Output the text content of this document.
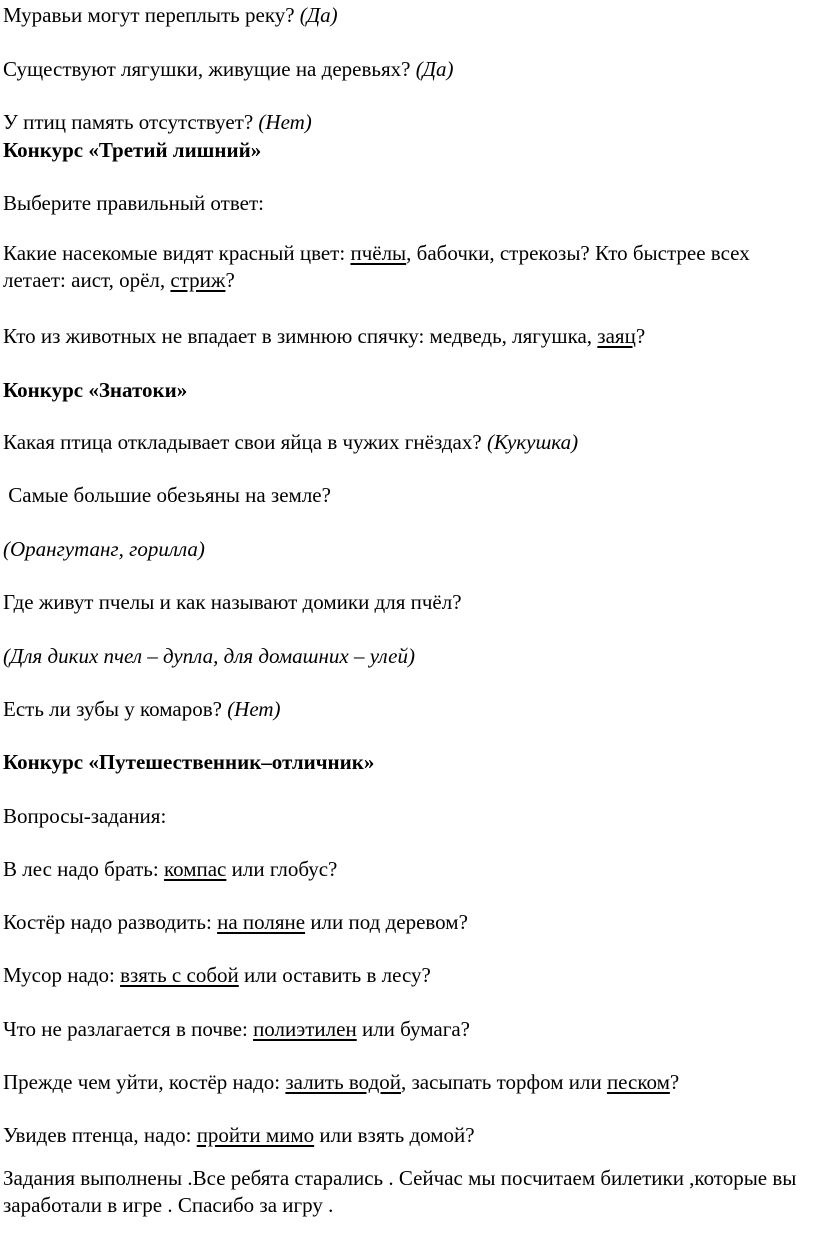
Муравьи могут переплыть реку? (Да)
Существуют лягушки, живущие на деревьях? (Да)
У птиц память отсутствует? (Нет)
Конкурс «Третий лишний»
Выберите правильный ответ:
Какие насекомые видят красный цвет: пчёлы, бабочки, стрекозы? Кто быстрее всех летает: аист, орёл, стриж?
Кто из животных не впадает в зимнюю спячку: медведь, лягушка, заяц?
Конкурс «Знатоки»
Какая птица откладывает свои яйца в чужих гнёздах? (Кукушка)
Самые большие обезьяны на земле?
(Орангутанг, горилла)
Где живут пчелы и как называют домики для пчёл?
(Для диких пчел – дупла, для домашних – улей)
Есть ли зубы у комаров? (Нет)
Конкурс «Путешественник–отличник»
Вопросы-задания:
В лес надо брать: компас или глобус?
Костёр надо разводить: на поляне или под деревом?
Мусор надо: взять с собой или оставить в лесу?
Что не разлагается в почве: полиэтилен или бумага?
Прежде чем уйти, костёр надо: залить водой, засыпать торфом или песком?
Увидев птенца, надо: пройти мимо или взять домой?
Задания выполнены .Все ребята старались . Сейчас мы посчитаем билетики ,которые вы заработали в игре . Спасибо за игру .
